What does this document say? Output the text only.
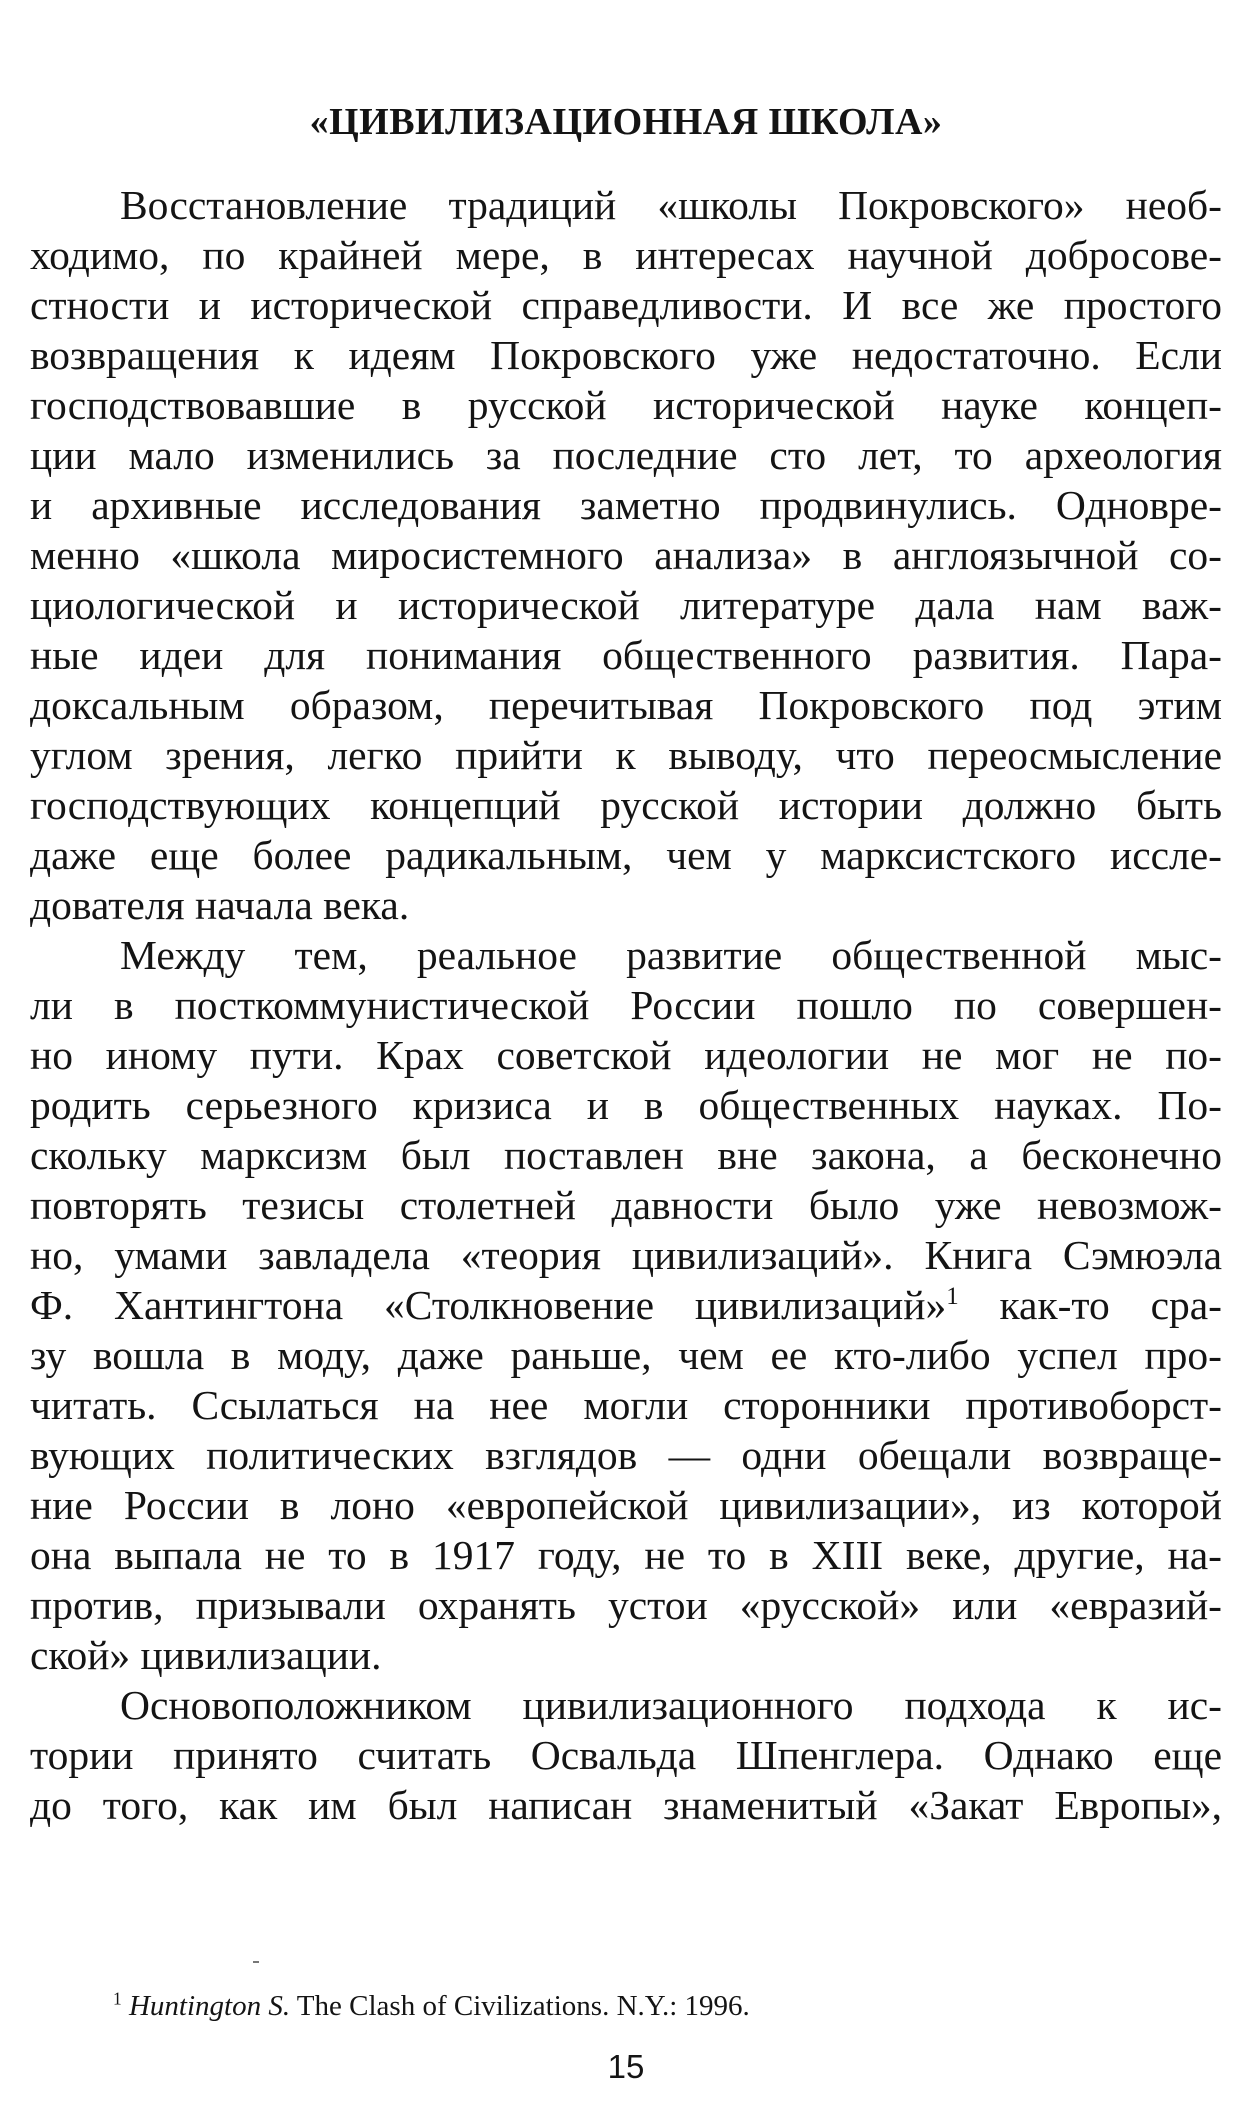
«ЦИВИЛИЗАЦИОННАЯ ШКОЛА»
Восстановление традиций «школы Покровского» необ-
ходимо, по крайней мере, в интересах научной добросове-
стности и исторической справедливости. И все же простого
возвращения к идеям Покровского уже недостаточно. Если
господствовавшие в русской исторической науке концеп-
ции мало изменились за последние сто лет, то археология
и архивные исследования заметно продвинулись. Одновре-
менно «школа миросистемного анализа» в англоязычной со-
циологической и исторической литературе дала нам важ-
ные идеи для понимания общественного развития. Пара-
доксальным образом, перечитывая Покровского под этим
углом зрения, легко прийти к выводу, что переосмысление
господствующих концепций русской истории должно быть
даже еще более радикальным, чем у марксистского иссле-
дователя начала века.
Между тем, реальное развитие общественной мыс-
ли в посткоммунистической России пошло по совершен-
но иному пути. Крах советской идеологии не мог не по-
родить серьезного кризиса и в общественных науках. По-
скольку марксизм был поставлен вне закона, а бесконечно
повторять тезисы столетней давности было уже невозмож-
но, умами завладела «теория цивилизаций». Книга Сэмюэла
Ф. Хантингтона «Столкновение цивилизаций»$^1$ как-то сра-
зу вошла в моду, даже раньше, чем ее кто-либо успел про-
читать. Ссылаться на нее могли сторонники противоборст-
вующих политических взглядов — одни обещали возвраще-
ние России в лоно «европейской цивилизации», из которой
она выпала не то в 1917 году, не то в XIII веке, другие, на-
против, призывали охранять устои «русской» или «евразий-
ской» цивилизации.
Основоположником цивилизационного подхода к ис-
тории принято считать Освальда Шпенглера. Однако еще
до того, как им был написан знаменитый «Закат Европы»,
$^1$ Huntington S. The Clash of Civilizations. N.Y.: 1996.
15
